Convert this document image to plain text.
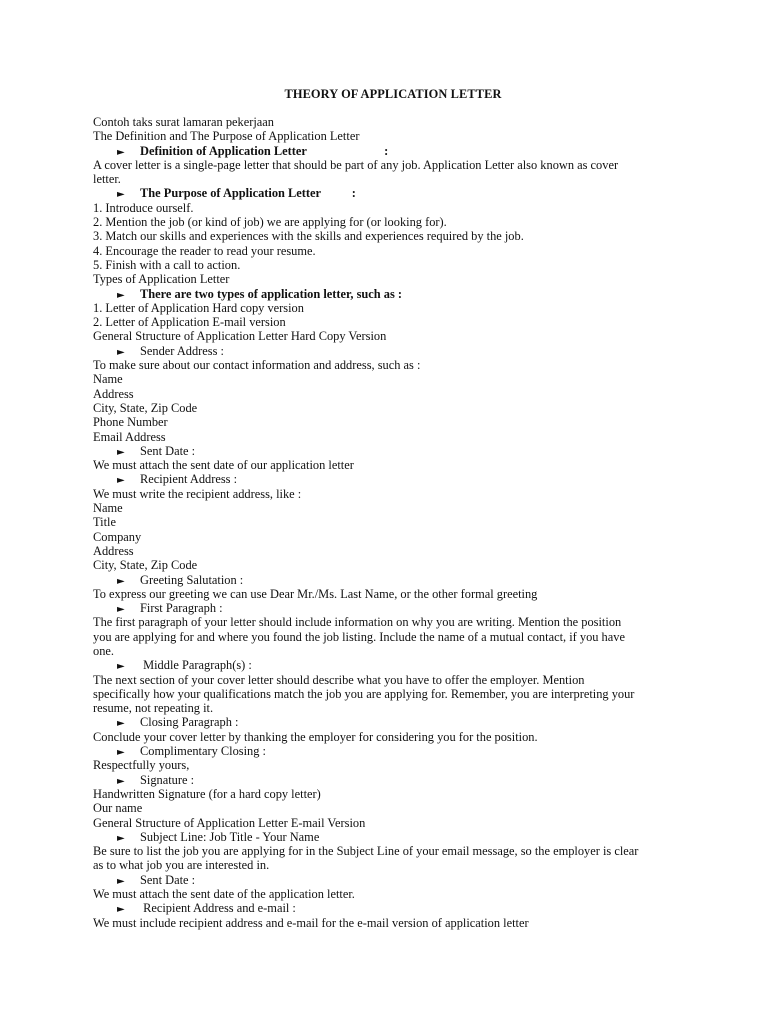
THEORY OF APPLICATION LETTER
Contoh taks surat lamaran pekerjaan
The Definition and The Purpose of Application Letter
► Definition of Application Letter                         :
A cover letter is a single-page letter that should be part of any job. Application Letter also known as cover
letter.
► The Purpose of Application Letter          :
1. Introduce ourself.
2. Mention the job (or kind of job) we are applying for (or looking for).
3. Match our skills and experiences with the skills and experiences required by the job.
4. Encourage the reader to read your resume.
5. Finish with a call to action.
Types of Application Letter
► There are two types of application letter, such as :
1. Letter of Application Hard copy version
2. Letter of Application E-mail version
General Structure of Application Letter Hard Copy Version
► Sender Address :
To make sure about our contact information and address, such as :
Name
Address
City, State, Zip Code
Phone Number
Email Address
► Sent Date :
We must attach the sent date of our application letter
► Recipient Address :
We must write the recipient address, like :
Name
Title
Company
Address
City, State, Zip Code
► Greeting Salutation :
To express our greeting we can use Dear Mr./Ms. Last Name, or the other formal greeting
► First Paragraph :
The first paragraph of your letter should include information on why you are writing. Mention the position
you are applying for and where you found the job listing. Include the name of a mutual contact, if you have
one.
► Middle Paragraph(s) :
The next section of your cover letter should describe what you have to offer the employer. Mention
specifically how your qualifications match the job you are applying for. Remember, you are interpreting your
resume, not repeating it.
► Closing Paragraph :
Conclude your cover letter by thanking the employer for considering you for the position.
► Complimentary Closing :
Respectfully yours,
► Signature :
Handwritten Signature (for a hard copy letter)
Our name
General Structure of Application Letter E-mail Version
► Subject Line: Job Title - Your Name
Be sure to list the job you are applying for in the Subject Line of your email message, so the employer is clear
as to what job you are interested in.
► Sent Date :
We must attach the sent date of the application letter.
► Recipient Address and e-mail :
We must include recipient address and e-mail for the e-mail version of application letter
